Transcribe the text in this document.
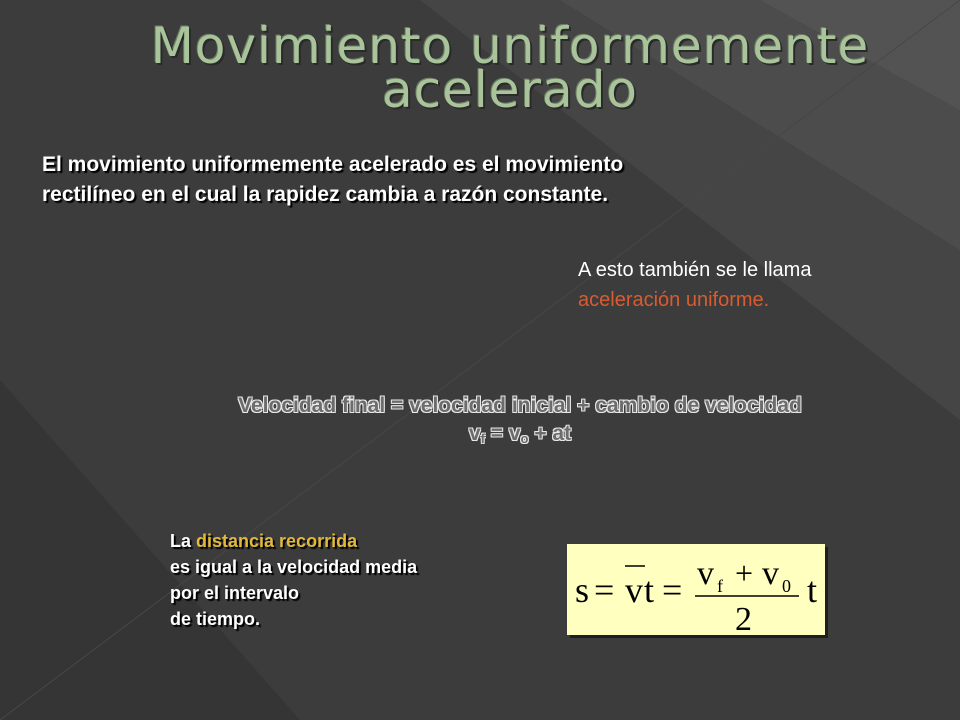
Movimiento uniformemente
acelerado
El movimiento uniformemente acelerado es el movimiento
rectilíneo en el cual la rapidez cambia a razón constante.
A esto también se le llama
aceleración uniforme.
Velocidad final = velocidad inicial + cambio de velocidad
$v_f = v_o$ + at
La distancia recorrida
es igual a la velocidad media
por el intervalo
de tiempo.
s = v t = v f + v 0
2
t
